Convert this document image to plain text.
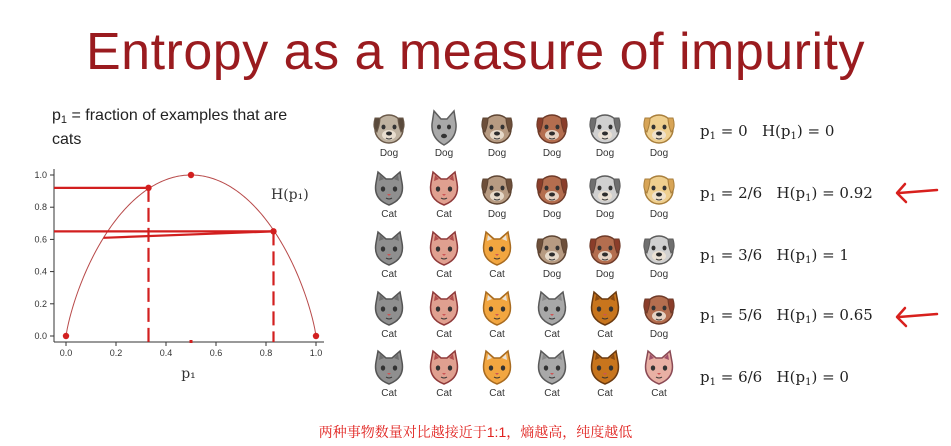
Entropy as a measure of impurity
$p_1$ = fraction of examples that are cats
0.0	0.2	0.4	0.6	0.8	1.0
0.0
0.2
0.4
0.6
0.8
1.0
H(p₁)
p₁
Dog	Dog	Dog	Dog	Dog	Dog
Cat	Cat	Dog	Dog	Dog	Dog
Cat	Cat	Cat	Dog	Dog	Dog
Cat	Cat	Cat	Cat	Cat	Dog
Cat	Cat	Cat	Cat	Cat	Cat
$p_1 = 0$ $H(p_1) = 0$
$p_1 = 2/6$ $H(p_1) = 0.92$
$p_1 = 3/6$ $H(p_1) = 1$
$p_1 = 5/6$ $H(p_1) = 0.65$
$p_1 = 6/6$ $H(p_1) = 0$
两种事物数量对比越接近于1:1，熵越高，纯度越低
